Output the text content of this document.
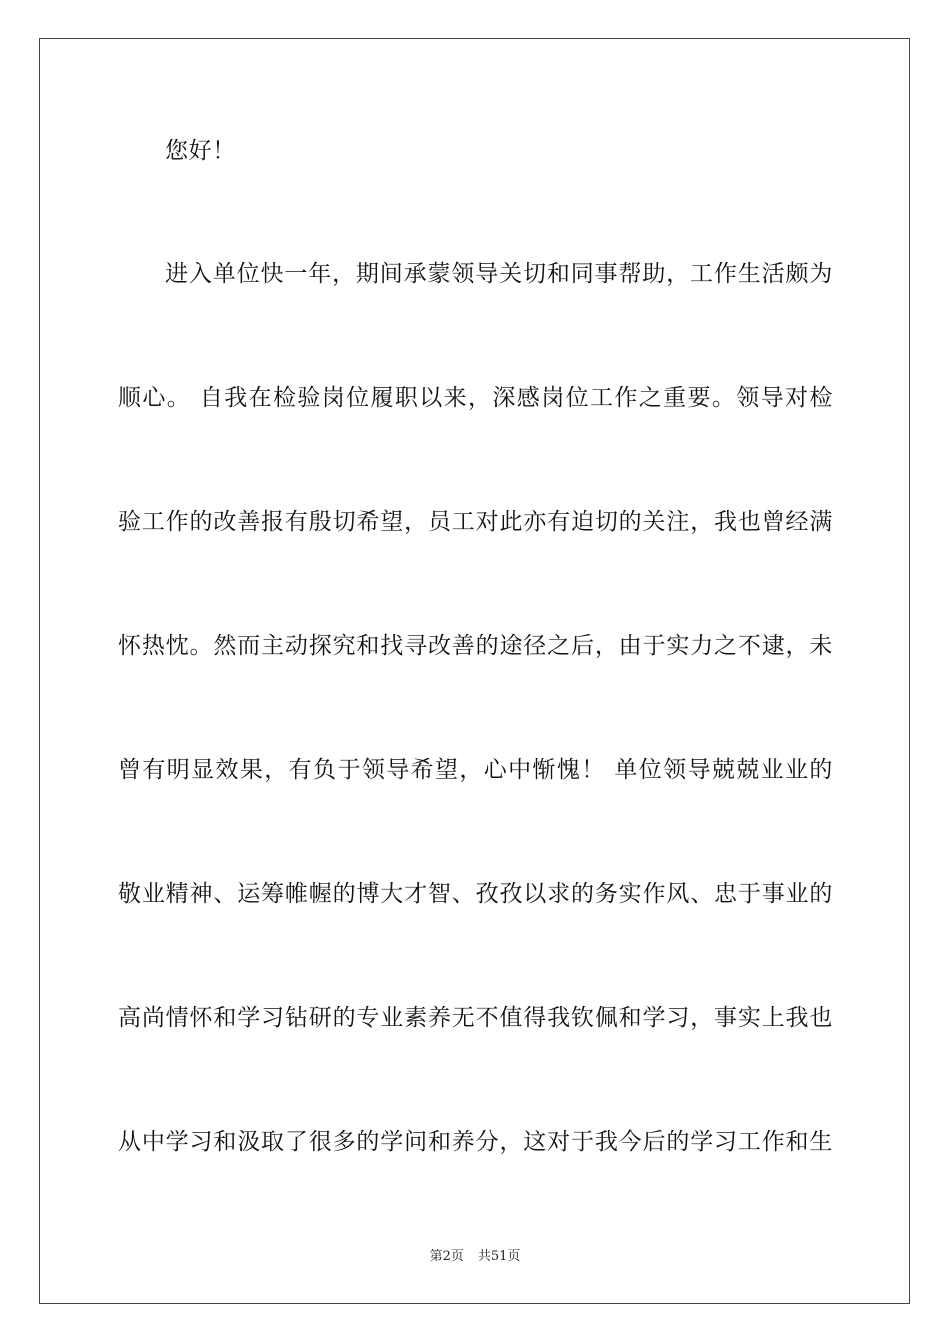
您好！
进入单位快一年，期间承蒙领导关切和同事帮助，工作生活颇为
顺心。 自我在检验岗位履职以来，深感岗位工作之重要。领导对检
验工作的改善报有殷切希望，员工对此亦有迫切的关注，我也曾经满
怀热忱。然而主动探究和找寻改善的途径之后，由于实力之不逮，未
曾有明显效果，有负于领导希望，心中惭愧！ 单位领导兢兢业业的
敬业精神、运筹帷幄的博大才智、孜孜以求的务实作风、忠于事业的
高尚情怀和学习钻研的专业素养无不值得我钦佩和学习，事实上我也
从中学习和汲取了很多的学问和养分，这对于我今后的学习工作和生
第2页 共51页
